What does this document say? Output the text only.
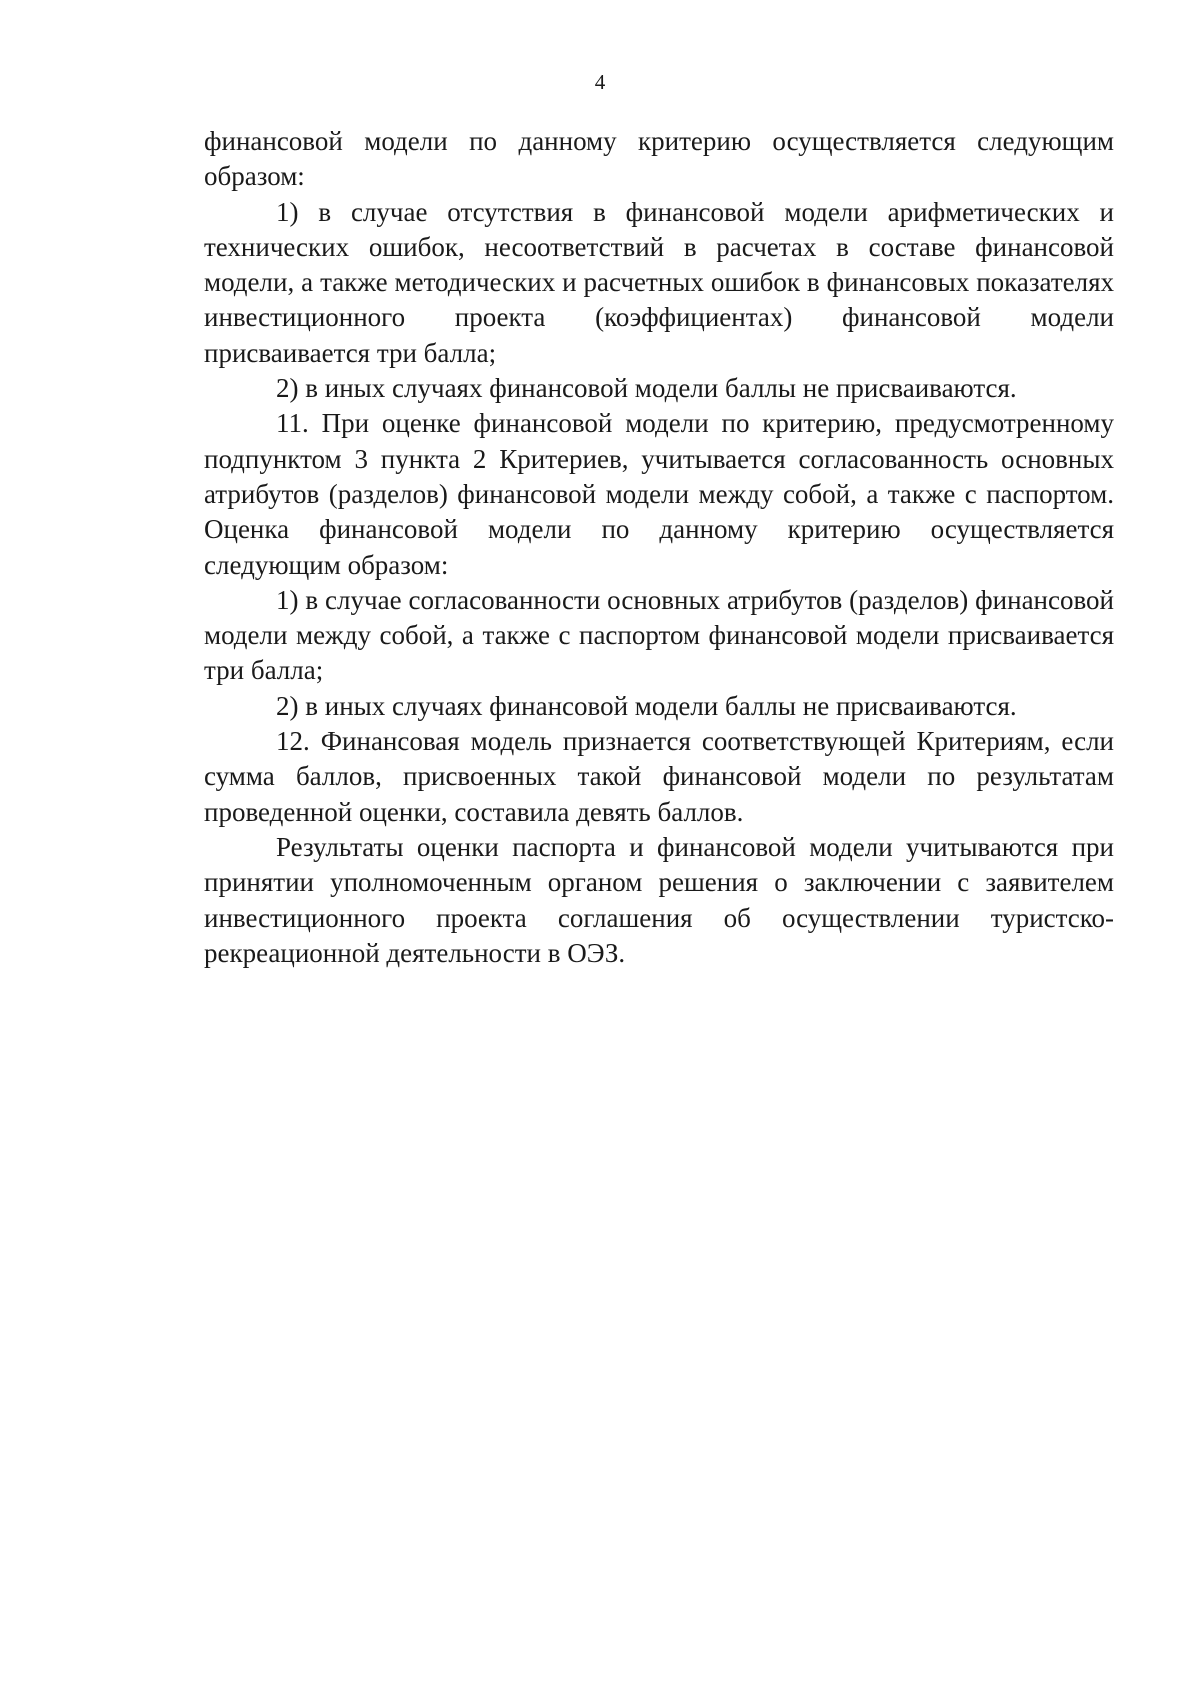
4

финансовой модели по данному критерию осуществляется следующим образом:

1) в случае отсутствия в финансовой модели арифметических и технических ошибок, несоответствий в расчетах в составе финансовой модели, а также методических и расчетных ошибок в финансовых показателях инвестиционного проекта (коэффициентах) финансовой модели присваивается три балла;

2) в иных случаях финансовой модели баллы не присваиваются.

11. При оценке финансовой модели по критерию, предусмотренному подпунктом 3 пункта 2 Критериев, учитывается согласованность основных атрибутов (разделов) финансовой модели между собой, а также с паспортом. Оценка финансовой модели по данному критерию осуществляется следующим образом:

1) в случае согласованности основных атрибутов (разделов) финансовой модели между собой, а также с паспортом финансовой модели присваивается три балла;

2) в иных случаях финансовой модели баллы не присваиваются.

12. Финансовая модель признается соответствующей Критериям, если сумма баллов, присвоенных такой финансовой модели по результатам проведенной оценки, составила девять баллов.

Результаты оценки паспорта и финансовой модели учитываются при принятии уполномоченным органом решения о заключении с заявителем инвестиционного проекта соглашения об осуществлении туристско-рекреационной деятельности в ОЭЗ.
